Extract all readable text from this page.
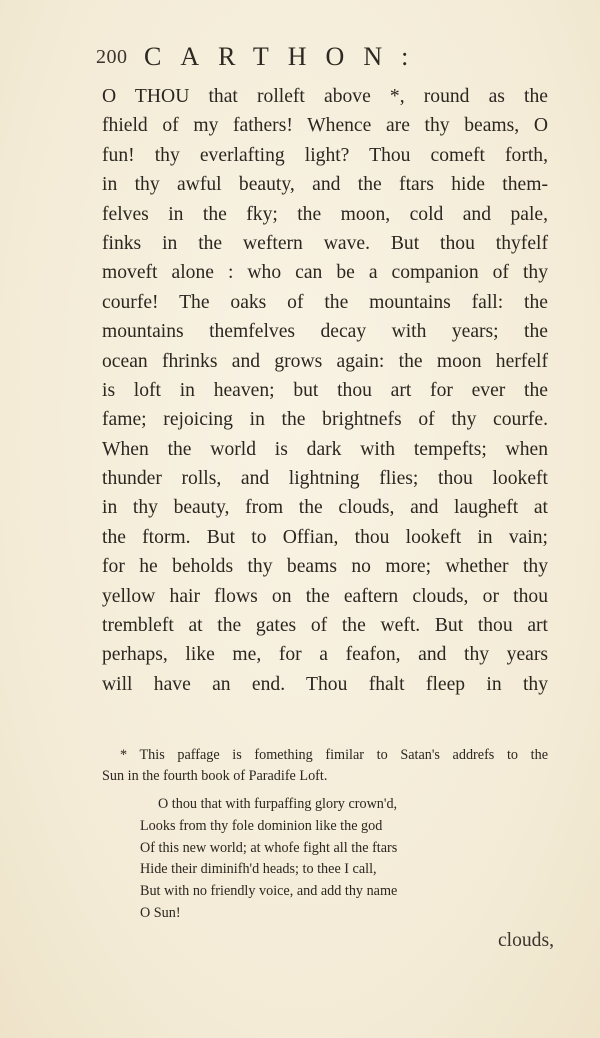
200 CARTHON:
O THOU that rolleft above *, round as the
fhield of my fathers! Whence are thy beams, O
fun! thy everlafting light? Thou comeft forth,
in thy awful beauty, and the ftars hide them-
felves in the fky; the moon, cold and pale,
finks in the weftern wave. But thou thyfelf
moveft alone : who can be a companion of thy
courfe! The oaks of the mountains fall: the
mountains themfelves decay with years; the
ocean fhrinks and grows again: the moon herfelf
is loft in heaven; but thou art for ever the
fame; rejoicing in the brightnefs of thy courfe.
When the world is dark with tempefts; when
thunder rolls, and lightning flies; thou lookeft
in thy beauty, from the clouds, and laugheft at
the ftorm. But to Offian, thou lookeft in vain;
for he beholds thy beams no more; whether thy
yellow hair flows on the eaftern clouds, or thou
trembleft at the gates of the weft. But thou art
perhaps, like me, for a feafon, and thy years
will have an end. Thou fhalt fleep in thy
* This paffage is fomething fimilar to Satan's addrefs to the
Sun in the fourth book of Paradife Loft.
O thou that with furpaffing glory crown'd,
Looks from thy fole dominion like the god
Of this new world; at whofe fight all the ftars
Hide their diminifh'd heads; to thee I call,
But with no friendly voice, and add thy name
O Sun!
clouds,
